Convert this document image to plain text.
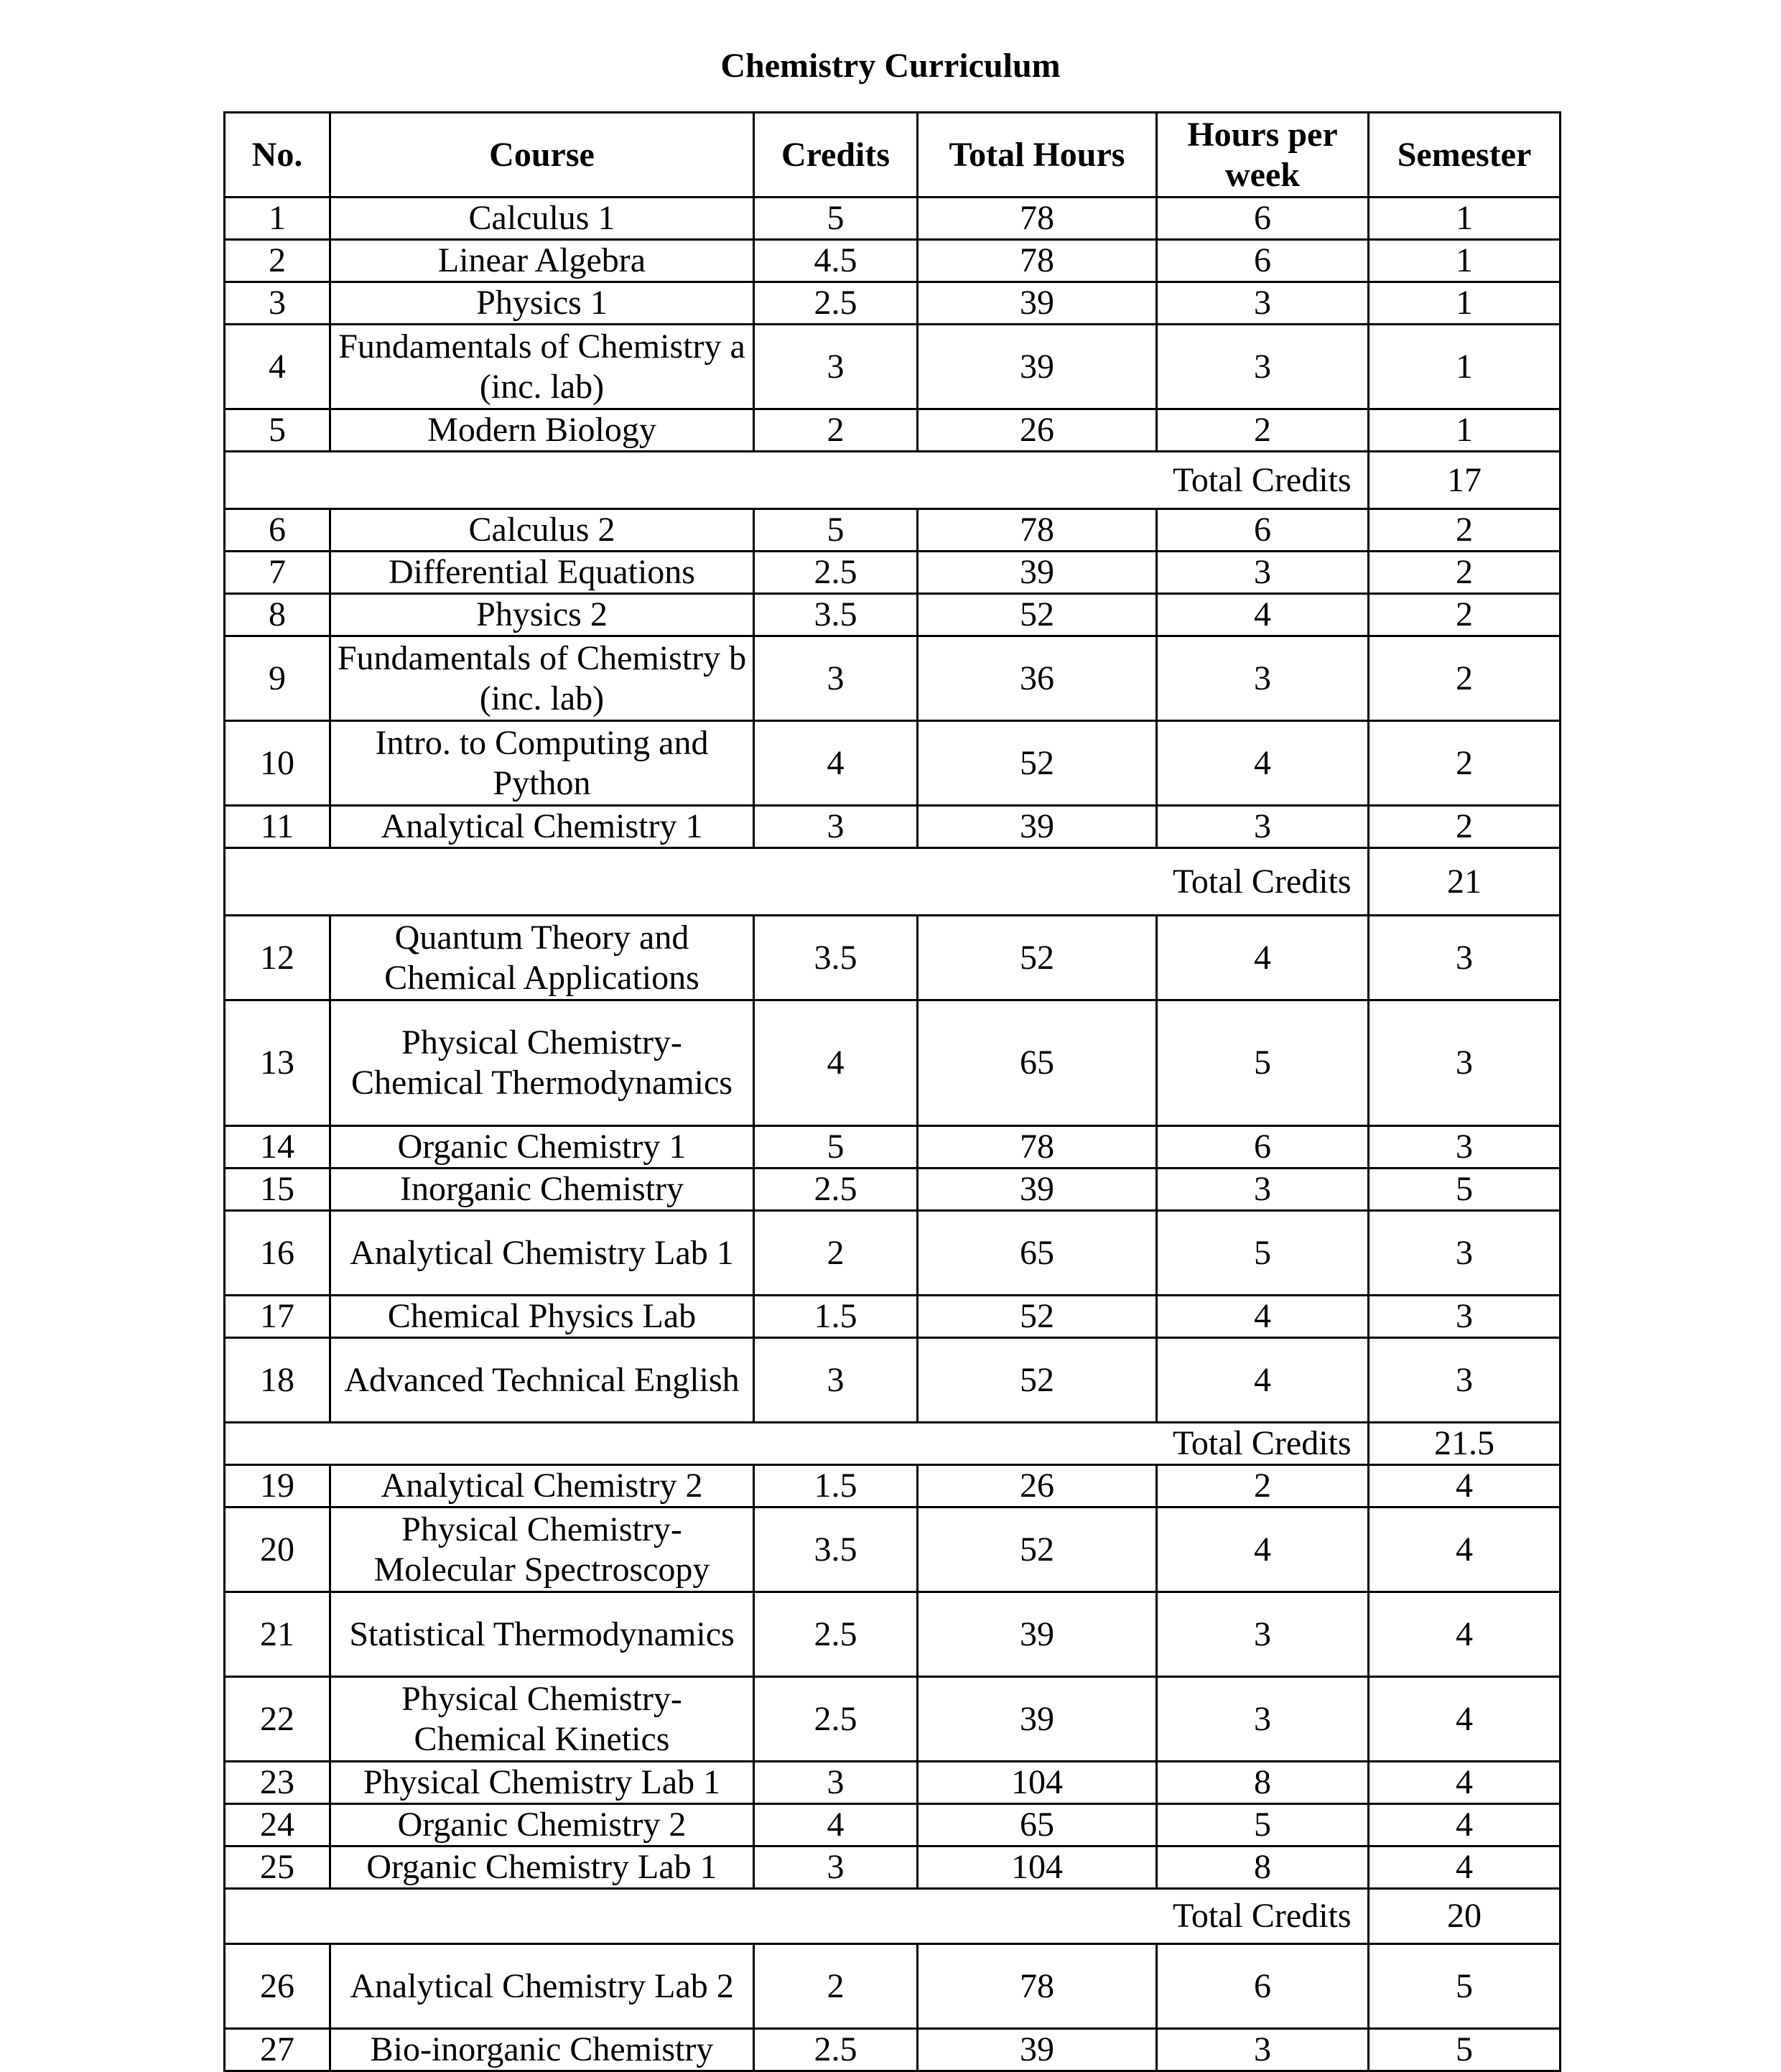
Chemistry Curriculum
No.	Course	Credits	Total Hours	Hours per week	Semester
1	Calculus 1	5	78	6	1
2	Linear Algebra	4.5	78	6	1
3	Physics 1	2.5	39	3	1
4	Fundamentals of Chemistry a (inc. lab)	3	39	3	1
5	Modern Biology	2	26	2	1
				Total Credits	17
6	Calculus 2	5	78	6	2
7	Differential Equations	2.5	39	3	2
8	Physics 2	3.5	52	4	2
9	Fundamentals of Chemistry b (inc. lab)	3	36	3	2
10	Intro. to Computing and Python	4	52	4	2
11	Analytical Chemistry 1	3	39	3	2
				Total Credits	21
12	Quantum Theory and Chemical Applications	3.5	52	4	3
13	Physical Chemistry- Chemical Thermodynamics	4	65	5	3
14	Organic Chemistry 1	5	78	6	3
15	Inorganic Chemistry	2.5	39	3	5
16	Analytical Chemistry Lab 1	2	65	5	3
17	Chemical Physics Lab	1.5	52	4	3
18	Advanced Technical English	3	52	4	3
				Total Credits	21.5
19	Analytical Chemistry 2	1.5	26	2	4
20	Physical Chemistry- Molecular Spectroscopy	3.5	52	4	4
21	Statistical Thermodynamics	2.5	39	3	4
22	Physical Chemistry- Chemical Kinetics	2.5	39	3	4
23	Physical Chemistry Lab 1	3	104	8	4
24	Organic Chemistry 2	4	65	5	4
25	Organic Chemistry Lab 1	3	104	8	4
				Total Credits	20
26	Analytical Chemistry Lab 2	2	78	6	5
27	Bio-inorganic Chemistry	2.5	39	3	5
